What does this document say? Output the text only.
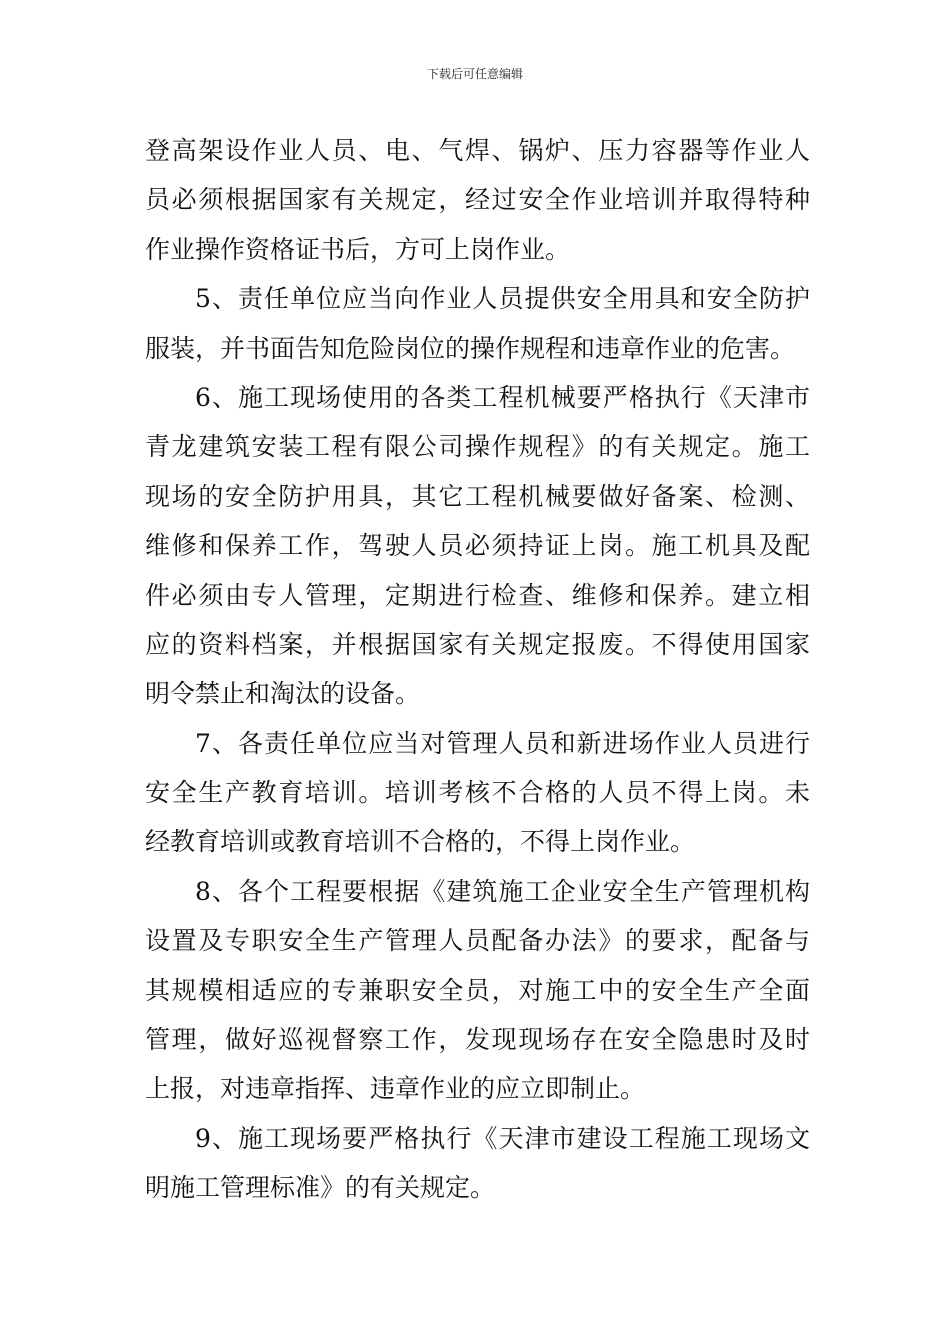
下载后可任意编辑
登高架设作业人员、电、气焊、锅炉、压力容器等作业人
员必须根据国家有关规定，经过安全作业培训并取得特种
作业操作资格证书后，方可上岗作业。
5、责任单位应当向作业人员提供安全用具和安全防护
服装，并书面告知危险岗位的操作规程和违章作业的危害。
6、施工现场使用的各类工程机械要严格执行《天津市
青龙建筑安装工程有限公司操作规程》的有关规定。施工
现场的安全防护用具，其它工程机械要做好备案、检测、
维修和保养工作，驾驶人员必须持证上岗。施工机具及配
件必须由专人管理，定期进行检查、维修和保养。建立相
应的资料档案，并根据国家有关规定报废。不得使用国家
明令禁止和淘汰的设备。
7、各责任单位应当对管理人员和新进场作业人员进行
安全生产教育培训。培训考核不合格的人员不得上岗。未
经教育培训或教育培训不合格的，不得上岗作业。
8、各个工程要根据《建筑施工企业安全生产管理机构
设置及专职安全生产管理人员配备办法》的要求，配备与
其规模相适应的专兼职安全员，对施工中的安全生产全面
管理，做好巡视督察工作，发现现场存在安全隐患时及时
上报，对违章指挥、违章作业的应立即制止。
9、施工现场要严格执行《天津市建设工程施工现场文
明施工管理标准》的有关规定。
